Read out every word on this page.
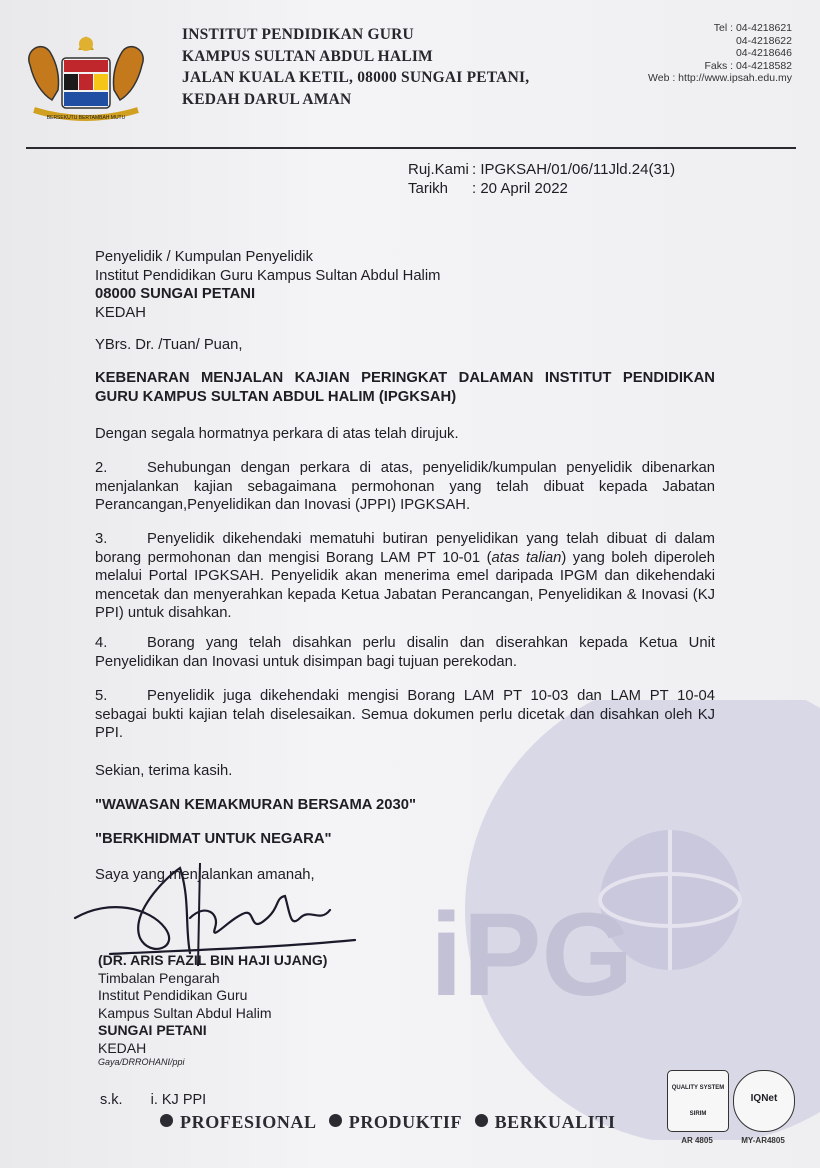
BERSEKUTU BERTAMBAH MUTU
INSTITUT PENDIDIKAN GURU
KAMPUS SULTAN ABDUL HALIM
JALAN KUALA KETIL, 08000 SUNGAI PETANI,
KEDAH DARUL AMAN
Tel : 04-4218621
04-4218622
04-4218646
Faks : 04-4218582
Web : http://www.ipsah.edu.my
Ruj.Kami : IPGKSAH/01/06/11Jld.24(31)
Tarikh : 20 April 2022
iPG
Penyelidik / Kumpulan Penyelidik
Institut Pendidikan Guru Kampus Sultan Abdul Halim
08000 SUNGAI PETANI
KEDAH
YBrs. Dr. /Tuan/ Puan,
KEBENARAN MENJALAN KAJIAN PERINGKAT DALAMAN INSTITUT PENDIDIKAN GURU KAMPUS SULTAN ABDUL HALIM (IPGKSAH)
Dengan segala hormatnya perkara di atas telah dirujuk.
2.	Sehubungan dengan perkara di atas, penyelidik/kumpulan penyelidik dibenarkan menjalankan kajian sebagaimana permohonan yang telah dibuat kepada Jabatan Perancangan,Penyelidikan dan Inovasi (JPPI) IPGKSAH.
3.	Penyelidik dikehendaki mematuhi butiran penyelidikan yang telah dibuat di dalam borang permohonan dan mengisi Borang LAM PT 10-01 (atas talian) yang boleh diperoleh melalui Portal IPGKSAH. Penyelidik akan menerima emel daripada IPGM dan dikehendaki mencetak dan menyerahkan kepada Ketua Jabatan Perancangan, Penyelidikan & Inovasi (KJ PPI) untuk disahkan.
4.	Borang yang telah disahkan perlu disalin dan diserahkan kepada Ketua Unit Penyelidikan dan Inovasi untuk disimpan bagi tujuan perekodan.
5.	Penyelidik juga dikehendaki mengisi Borang LAM PT 10-03 dan LAM PT 10-04 sebagai bukti kajian telah diselesaikan. Semua dokumen perlu dicetak dan disahkan oleh KJ PPI.
Sekian, terima kasih.
"WAWASAN KEMAKMURAN BERSAMA 2030"
"BERKHIDMAT UNTUK NEGARA"
Saya yang menjalankan amanah,
(DR. ARIS FAZIL BIN HAJI UJANG)
Timbalan Pengarah
Institut Pendidikan Guru
Kampus Sultan Abdul Halim
SUNGAI PETANI
KEDAH
Gaya/DRROHANI/ppi
s.k. i. KJ PPI
PROFESIONAL PRODUKTIF BERKUALITI
QUALITY SYSTEM
SIRIM
AR 4805
IQNet
MY-AR4805
